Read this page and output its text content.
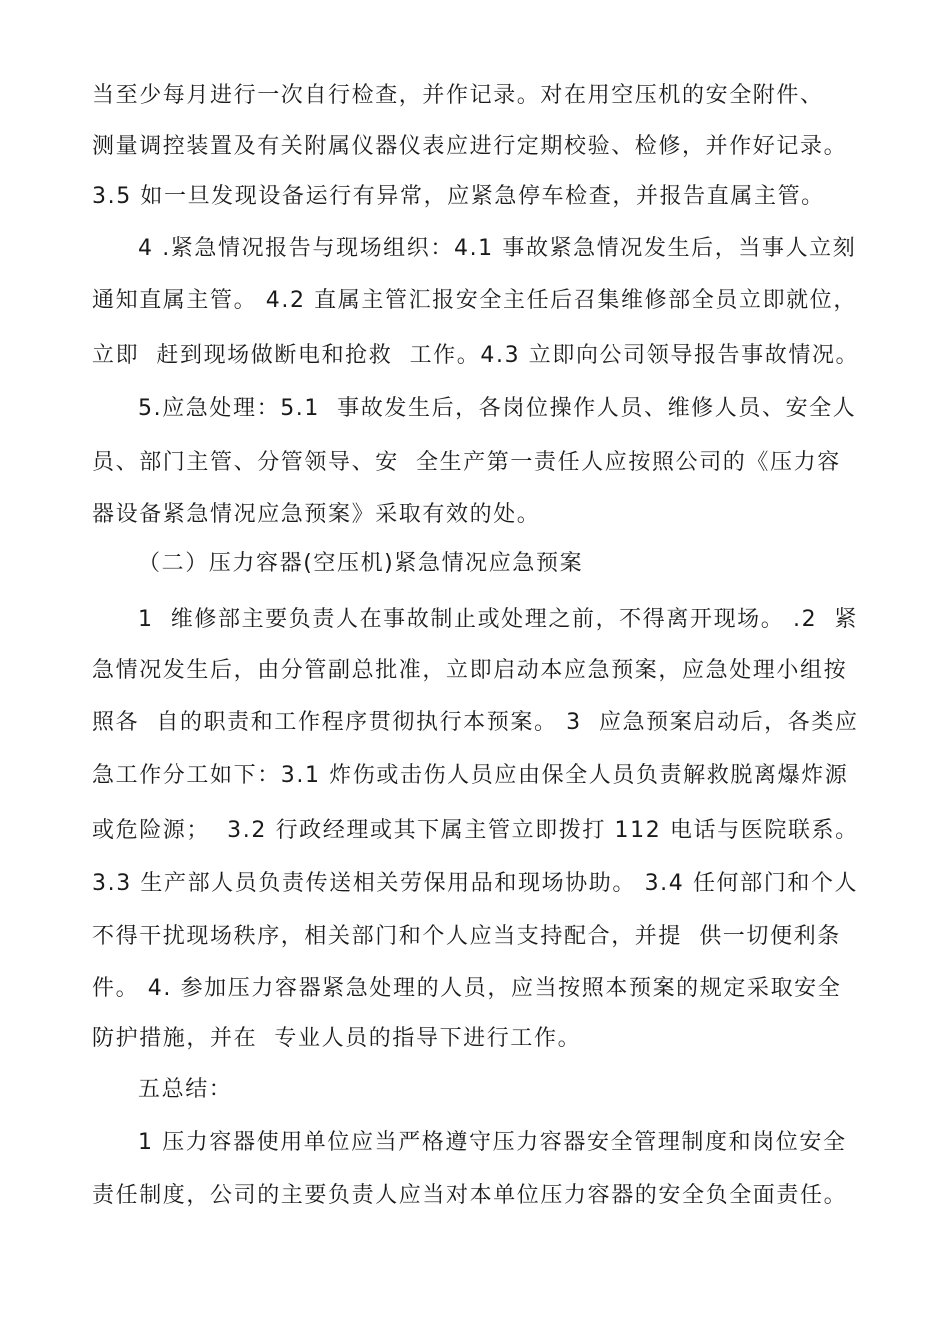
当至少每月进行一次自行检查，并作记录。对在用空压机的安全附件、
测量调控装置及有关附属仪器仪表应进行定期校验、检修，并作好记录。
3.5 如一旦发现设备运行有异常，应紧急停车检查，并报告直属主管。
4 .紧急情况报告与现场组织：4.1 事故紧急情况发生后，当事人立刻
通知直属主管。 4.2 直属主管汇报安全主任后召集维修部全员立即就位，
立即  赶到现场做断电和抢救  工作。4.3 立即向公司领导报告事故情况。
5.应急处理：5.1  事故发生后，各岗位操作人员、维修人员、安全人
员、部门主管、分管领导、安  全生产第一责任人应按照公司的《压力容
器设备紧急情况应急预案》采取有效的处。
（二）压力容器(空压机)紧急情况应急预案
1  维修部主要负责人在事故制止或处理之前，不得离开现场。 .2  紧
急情况发生后，由分管副总批准，立即启动本应急预案，应急处理小组按
照各  自的职责和工作程序贯彻执行本预案。 3  应急预案启动后，各类应
急工作分工如下：3.1 炸伤或击伤人员应由保全人员负责解救脱离爆炸源
或危险源；  3.2 行政经理或其下属主管立即拨打 112 电话与医院联系。
3.3 生产部人员负责传送相关劳保用品和现场协助。 3.4 任何部门和个人
不得干扰现场秩序，相关部门和个人应当支持配合，并提  供一切便利条
件。 4. 参加压力容器紧急处理的人员，应当按照本预案的规定采取安全
防护措施，并在  专业人员的指导下进行工作。
五总结：
1 压力容器使用单位应当严格遵守压力容器安全管理制度和岗位安全
责任制度，公司的主要负责人应当对本单位压力容器的安全负全面责任。
